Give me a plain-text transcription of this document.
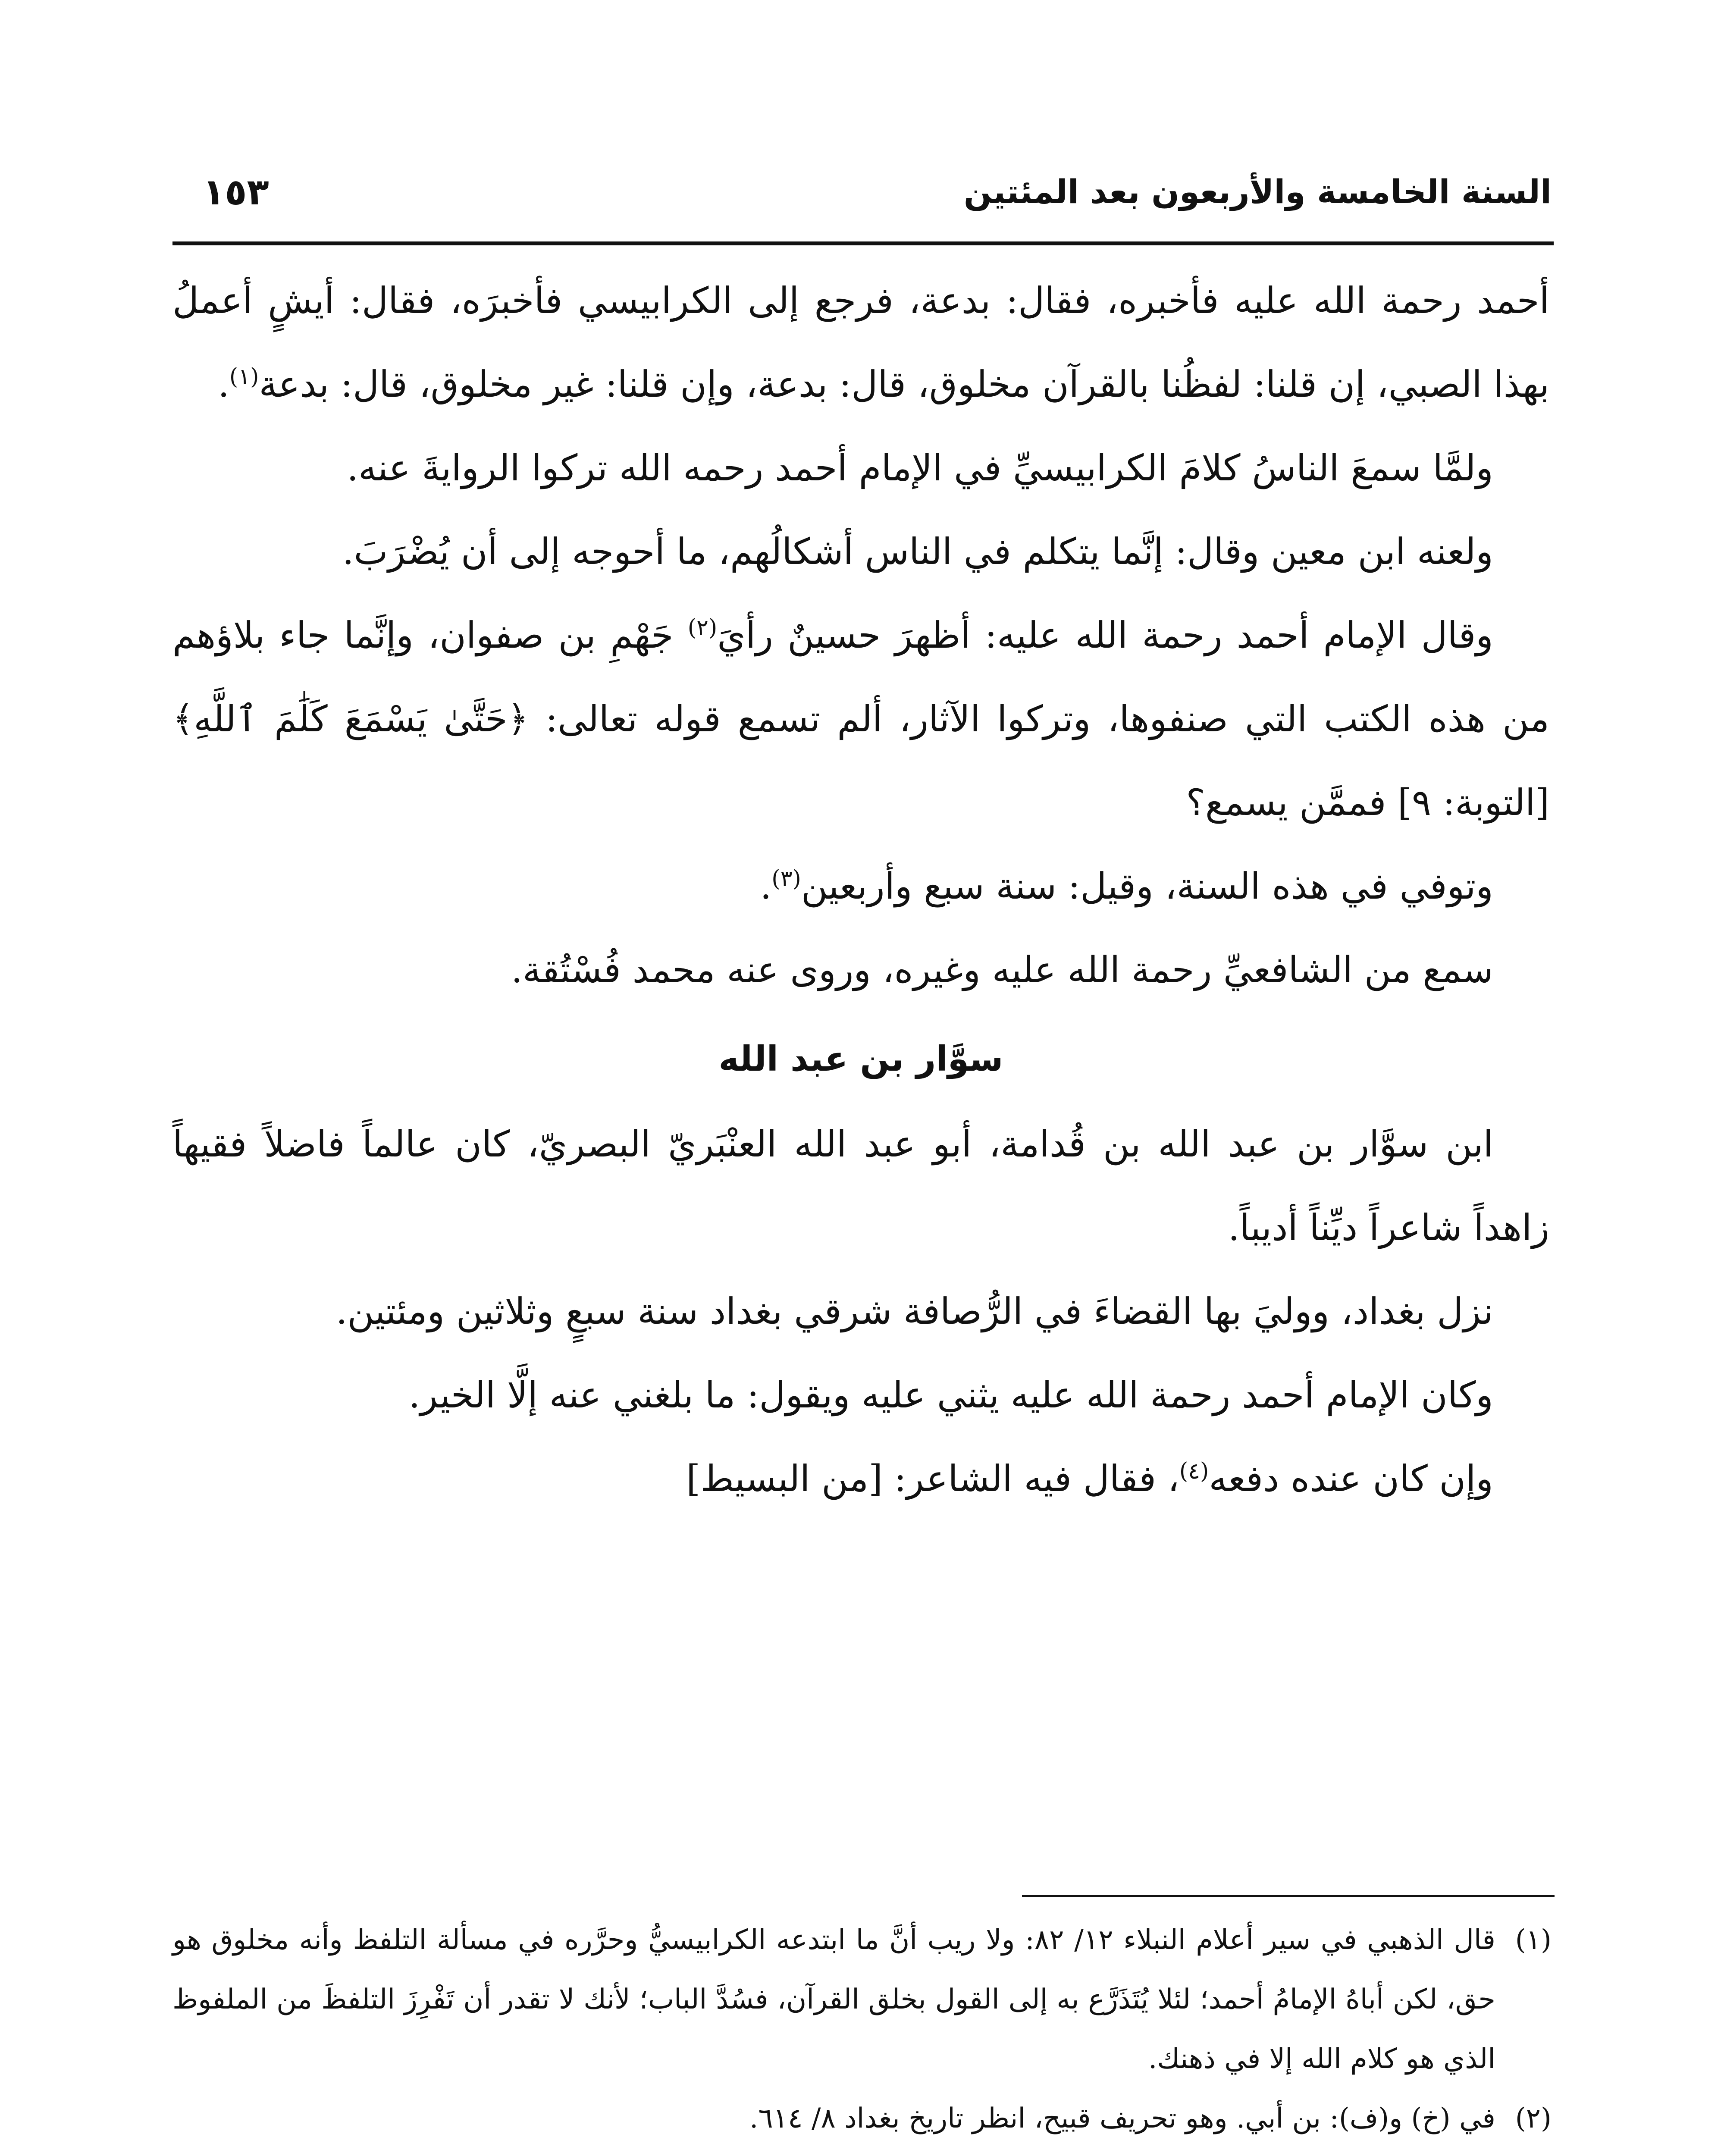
السنة الخامسة والأربعون بعد المئتين
١٥٣

أحمد رحمة الله عليه فأخبره، فقال: بدعة، فرجع إلى الكرابيسي فأخبرَه، فقال: أيشٍ أعملُ بهذا الصبي، إن قلنا: لفظُنا بالقرآن مخلوق، قال: بدعة، وإن قلنا: غير مخلوق، قال: بدعة$^{(١)}$.

ولمَّا سمعَ الناسُ كلامَ الكرابيسيِّ في الإمام أحمد رحمه الله تركوا الروايةَ عنه.

ولعنه ابن معين وقال: إنَّما يتكلم في الناس أشكالُهم، ما أحوجه إلى أن يُضْرَبَ.

وقال الإمام أحمد رحمة الله عليه: أظهرَ حسينٌ رأيَ$^{(٢)}$ جَهْمِ بن صفوان، وإنَّما جاء بلاؤهم من هذه الكتب التي صنفوها، وتركوا الآثار، ألم تسمع قوله تعالى: ﴿حَتَّىٰ يَسْمَعَ كَلَٰمَ ٱللَّهِ﴾[التوبة: ٩] فممَّن يسمع؟

وتوفي في هذه السنة، وقيل: سنة سبع وأربعين$^{(٣)}$.

سمع من الشافعيِّ رحمة الله عليه وغيره، وروى عنه محمد فُسْتُقة.

سوَّار بن عبد الله

ابن سوَّار بن عبد الله بن قُدامة، أبو عبد الله العنْبَريّ البصريّ، كان عالماً فاضلاً فقيهاً زاهداً شاعراً ديِّناً أديباً.

نزل بغداد، ووليَ بها القضاءَ في الرُّصافة شرقي بغداد سنة سبعٍ وثلاثين ومئتين.

وكان الإمام أحمد رحمة الله عليه يثني عليه ويقول: ما بلغني عنه إلَّا الخير.

وإن كان عنده دفعه$^{(٤)}$، فقال فيه الشاعر: [من البسيط]

(١)قال الذهبي في سير أعلام النبلاء ١٢/ ٨٢: ولا ريب أنَّ ما ابتدعه الكرابيسيُّ وحرَّره في مسألة التلفظ وأنه مخلوق هو حق، لكن أباهُ الإمامُ أحمد؛ لئلا يُتَذَرَّع به إلى القول بخلق القرآن، فسُدَّ الباب؛ لأنك لا تقدر أن تَفْرِزَ التلفظَ من الملفوظ الذي هو كلام الله إلا في ذهنك.

(٢)في (خ) و(ف): بن أبي. وهو تحريف قبيح، انظر تاريخ بغداد ٨/ ٦١٤.
